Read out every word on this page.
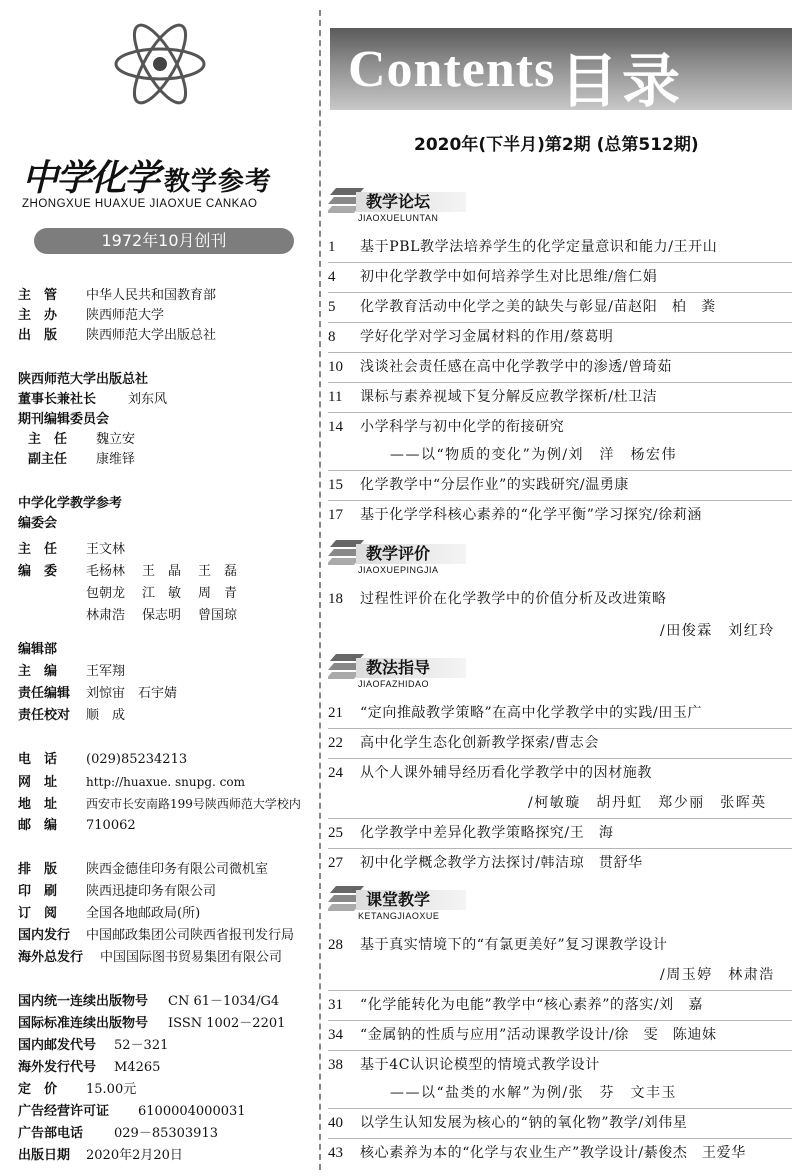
中学化学 教学参考
ZHONGXUE HUAXUE JIAOXUE CANKAO
1972年10月创刊
主　管 中华人民共和国教育部
主　办 陕西师范大学
出　版 陕西师范大学出版总社
陕西师范大学出版总社
董事长兼社长 刘东风
期刊编辑委员会
主　任 魏立安
副主任 康维铎
中学化学教学参考
编委会
主　任 王文林
编　委 毛杨林 王　晶 王　磊
包朝龙 江　敏 周　青
林肃浩 保志明 曾国琼
编辑部
主　编 王军翔
责任编辑 刘惊宙　石宇婧
责任校对 顺　成
电　话 (029)85234213
网　址 http://huaxue. snupg. com
地　址 西安市长安南路199号陕西师范大学校内
邮　编 710062
排　版 陕西金德佳印务有限公司微机室
印　刷 陕西迅捷印务有限公司
订　阅 全国各地邮政局(所)
国内发行 中国邮政集团公司陕西省报刊发行局
海外总发行 中国国际图书贸易集团有限公司
国内统一连续出版物号 CN 61－1034/G4
国际标准连续出版物号 ISSN 1002－2201
国内邮发代号 52－321
海外发行代号 M4265
定　价 15.00元
广告经营许可证 6100004000031
广告部电话 029－85303913
出版日期 2020年2月20日
Contents 目录
2020年(下半月)第2期 (总第512期)
教学论坛
JIAOXUELUNTAN
教学评价
JIAOXUEPINGJIA
教法指导
JIAOFAZHIDAO
课堂教学
KETANGJIAOXUE
1 基于PBL教学法培养学生的化学定量意识和能力/王开山
4 初中化学教学中如何培养学生对比思维/詹仁娟
5 化学教育活动中化学之美的缺失与彰显/苗赵阳　柏　粪
8 学好化学对学习金属材料的作用/蔡葛明
10 浅谈社会责任感在高中化学教学中的渗透/曾琦茹
11 课标与素养视域下复分解反应教学探析/杜卫洁
14 小学科学与初中化学的衔接研究
——以“物质的变化”为例/刘　洋　杨宏伟
15 化学教学中“分层作业”的实践研究/温勇康
17 基于化学学科核心素养的“化学平衡”学习探究/徐莉涵
18 过程性评价在化学教学中的价值分析及改进策略
/田俊霖　刘红玲
21 “定向推敲教学策略”在高中化学教学中的实践/田玉广
22 高中化学生态化创新教学探索/曹志会
24 从个人课外辅导经历看化学教学中的因材施教
/柯敏璇　胡丹虹　郑少丽　张晖英
25 化学教学中差异化教学策略探究/王　海
27 初中化学概念教学方法探讨/韩洁琼　贯舒华
28 基于真实情境下的“有氯更美好”复习课教学设计
/周玉婷　林肃浩
31 “化学能转化为电能”教学中“核心素养”的落实/刘　嘉
34 “金属钠的性质与应用”活动课教学设计/徐　雯　陈迪妹
38 基于4C认识论模型的情境式教学设计
——以“盐类的水解”为例/张　芬　文丰玉
40 以学生认知发展为核心的“钠的氧化物”教学/刘伟星
43 核心素养为本的“化学与农业生产”教学设计/綦俊杰　王爱华
